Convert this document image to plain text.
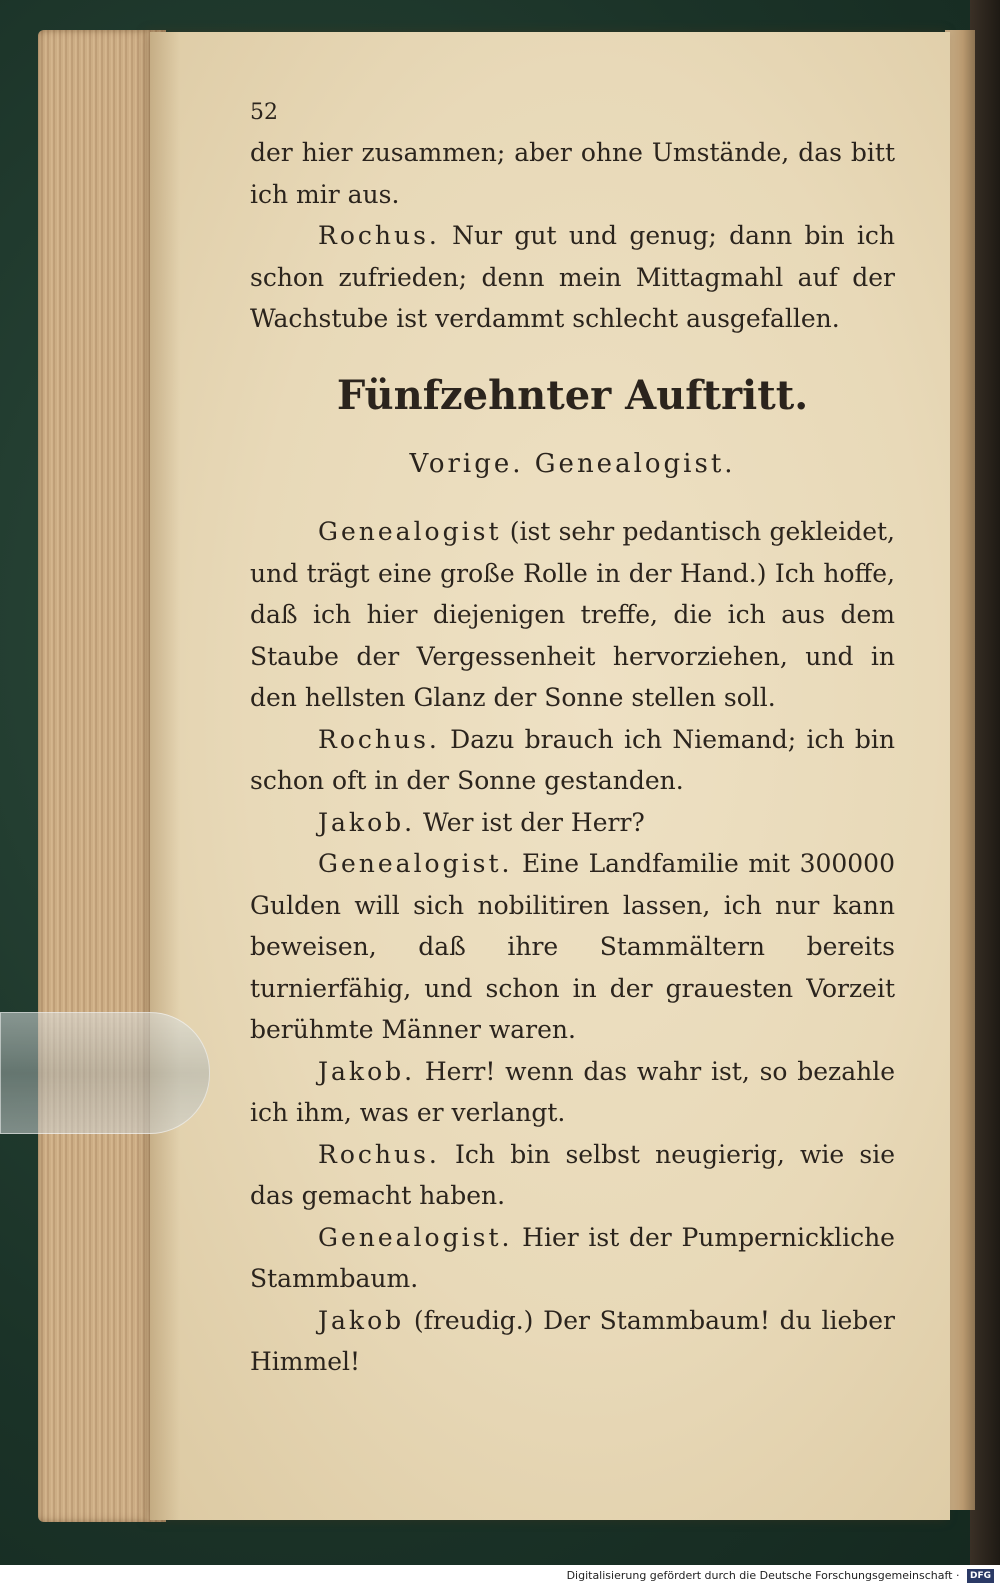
52

der hier zusammen; aber ohne Umstände, das bitt ich mir aus.

Rochus. Nur gut und genug; dann bin ich schon zufrieden; denn mein Mittagmahl auf der Wachstube ist verdammt schlecht ausgefallen.

Fünfzehnter Auftritt.
Vorige. Genealogist.

Genealogist (ist sehr pedantisch gekleidet, und trägt eine große Rolle in der Hand.) Ich hoffe, daß ich hier diejenigen treffe, die ich aus dem Staube der Vergessenheit hervorziehen, und in den hellsten Glanz der Sonne stellen soll.

Rochus. Dazu brauch ich Niemand; ich bin schon oft in der Sonne gestanden.

Jakob. Wer ist der Herr?

Genealogist. Eine Landfamilie mit 300000 Gulden will sich nobilitiren lassen, ich nur kann beweisen, daß ihre Stammältern bereits turnierfähig, und schon in der grauesten Vorzeit berühmte Männer waren.

Jakob. Herr! wenn das wahr ist, so bezahle ich ihm, was er verlangt.

Rochus. Ich bin selbst neugierig, wie sie das gemacht haben.

Genealogist. Hier ist der Pumpernickliche Stammbaum.

Jakob (freudig.) Der Stammbaum! du lieber Himmel!

Digitalisierung gefördert durch die Deutsche Forschungsgemeinschaft · DFG
